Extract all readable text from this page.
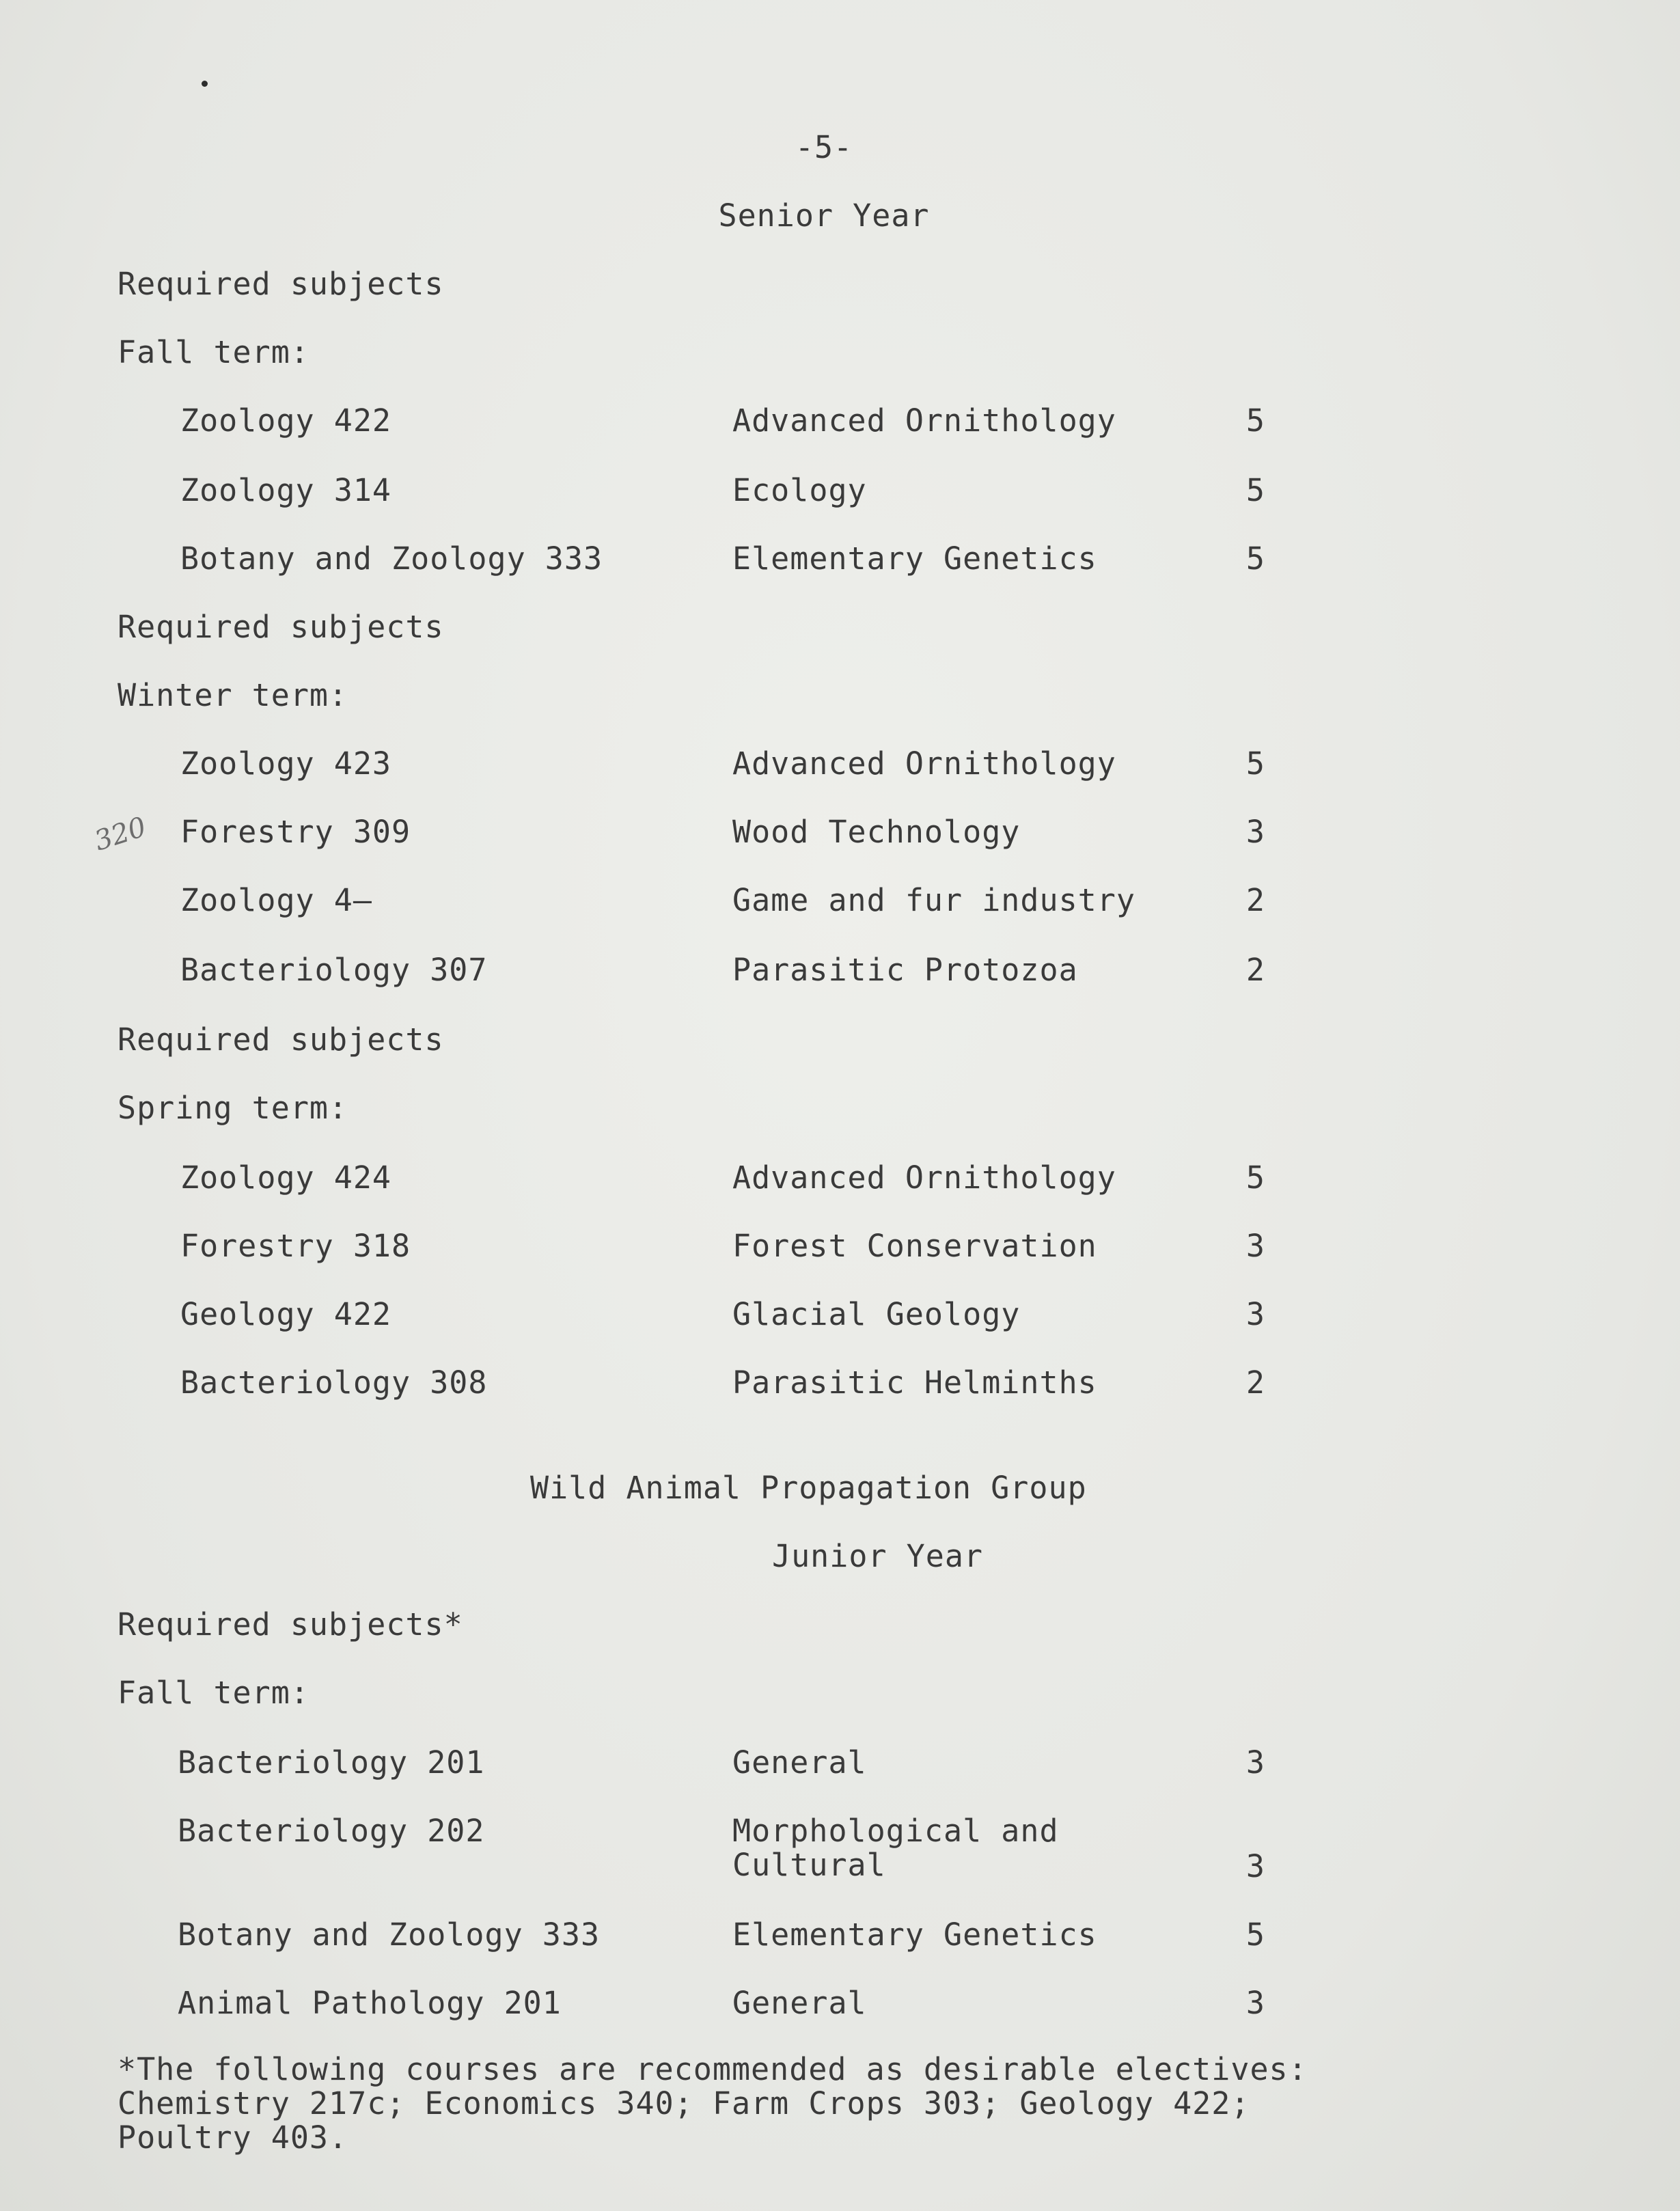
-5-
Senior Year
Required subjects
Fall term:
Zoology 422	Advanced Ornithology	5
Zoology 314	Ecology	5
Botany and Zoology 333	Elementary Genetics	5
Required subjects
Winter term:
Zoology 423	Advanced Ornithology	5
320 Forestry 309	Wood Technology	3
Zoology 4–	Game and fur industry	2
Bacteriology 307	Parasitic Protozoa	2
Required subjects
Spring term:
Zoology 424	Advanced Ornithology	5
Forestry 318	Forest Conservation	3
Geology 422	Glacial Geology	3
Bacteriology 308	Parasitic Helminths	2
Wild Animal Propagation Group
Junior Year
Required subjects*
Fall term:
Bacteriology 201	General	3
Bacteriology 202	Morphological and
Cultural	3
Botany and Zoology 333	Elementary Genetics	5
Animal Pathology 201	General	3
*The following courses are recommended as desirable electives:
Chemistry 217c; Economics 340; Farm Crops 303; Geology 422;
Poultry 403.
